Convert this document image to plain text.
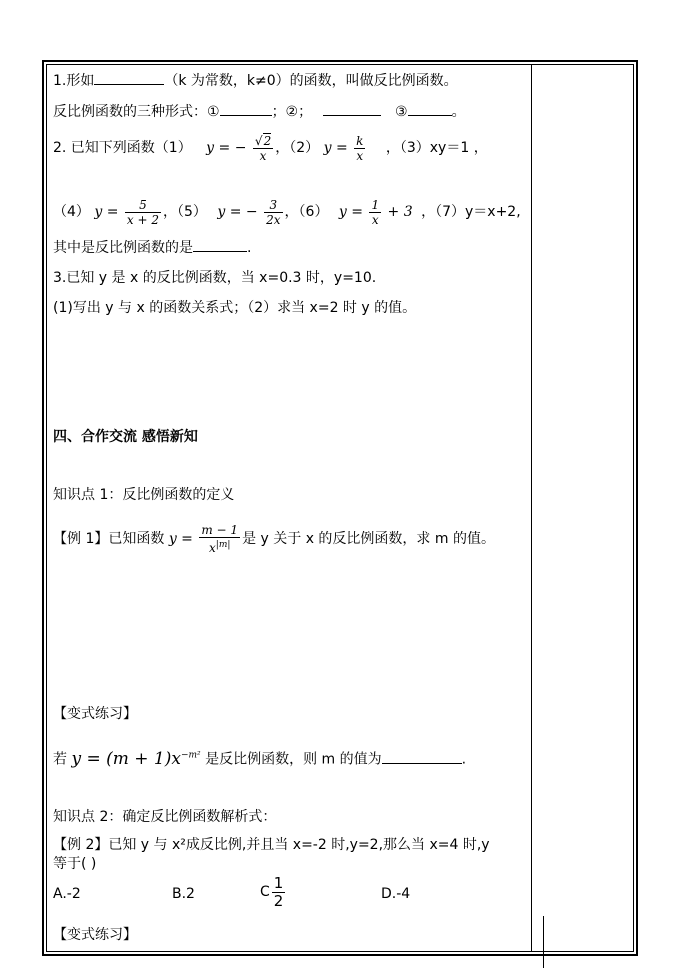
1.形如	（k 为常数，k≠0）的函数，叫做反比例函数。
反比例函数的三种形式：①	；②；	③	。
2. 已知下列函数（1） y = − $\frac{√2}{x}$ ，（2） $y = \frac{k}{x}$ ，（3）xy＝1 ，
（4） $y = \frac{5}{x + 2}$ ，（5） y = − $\frac{3}{2x}$ ，（6） $y = \frac{1}{x} + 3$ ，（7）y＝x+2,
其中是反比例函数的是	.
3.已知 y 是 x 的反比例函数，当 x=0.3 时，y=10.
(1)写出 y 与 x 的函数关系式；（2）求当 x=2 时 y 的值。
四、合作交流 感悟新知
知识点 1：反比例函数的定义
【例 1】已知函数 $y = \frac{m - 1}{x^{|m|}}$ 是 y 关于 x 的反比例函数，求 m 的值。
【变式练习】
若 $y = (m + 1)x^{-m^2}$ 是反比例函数，则 m 的值为	.
知识点 2：确定反比例函数解析式：
【例 2】已知 y 与 x²成反比例,并且当 x=-2 时,y=2,那么当 x=4 时,y
等于( )
A.-2	B.2	C $\frac{1}{2}$	D.-4
【变式练习】
